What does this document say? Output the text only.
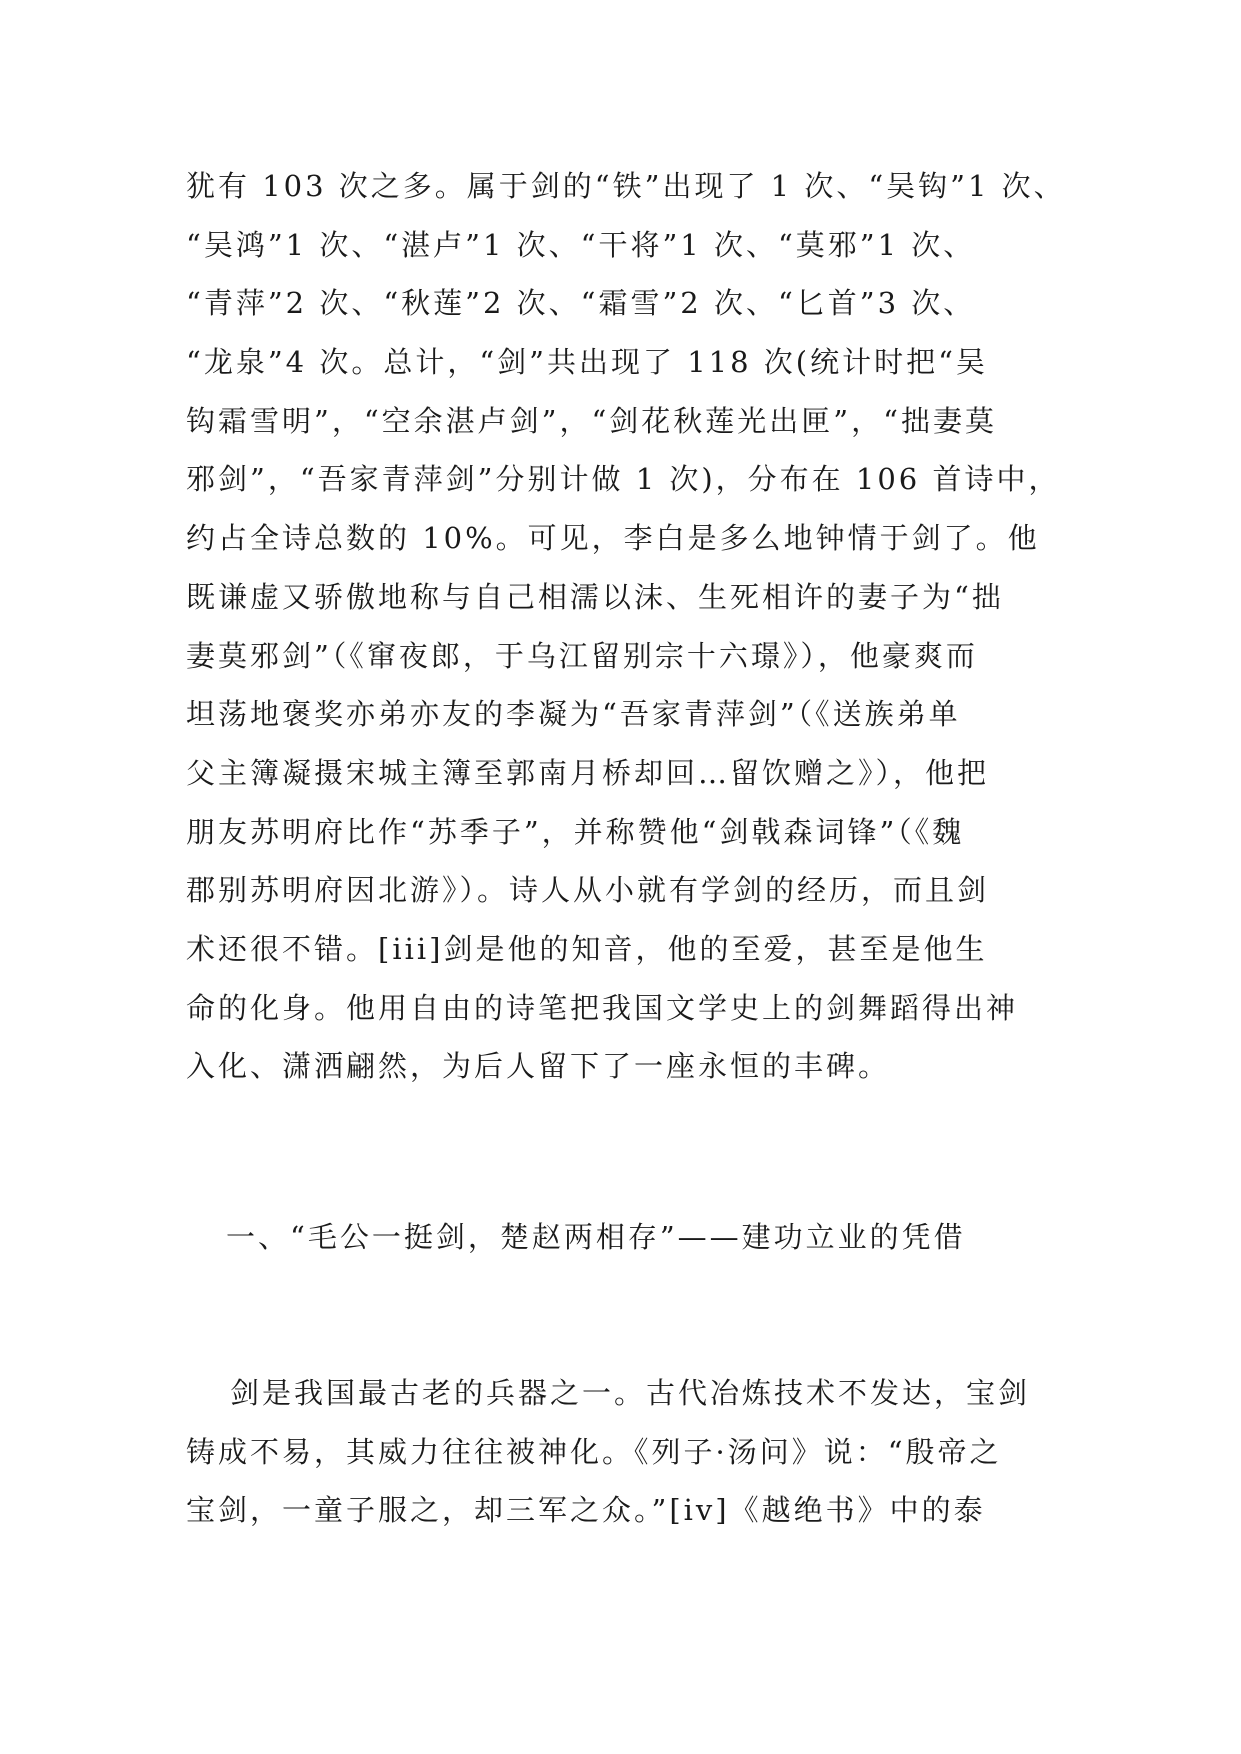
犹有 103 次之多。属于剑的“铁”出现了 1 次、“吴钩”1 次、
“吴鸿”1 次、“湛卢”1 次、“干将”1 次、“莫邪”1 次、
“青萍”2 次、“秋莲”2 次、“霜雪”2 次、“匕首”3 次、
“龙泉”4 次。总计，“剑”共出现了 118 次(统计时把“吴
钩霜雪明”，“空余湛卢剑”，“剑花秋莲光出匣”，“拙妻莫
邪剑”，“吾家青萍剑”分别计做 1 次)，分布在 106 首诗中，
约占全诗总数的 10%。可见，李白是多么地钟情于剑了。他
既谦虚又骄傲地称与自己相濡以沫、生死相许的妻子为“拙
妻莫邪剑”（《窜夜郎，于乌江留别宗十六璟》），他豪爽而
坦荡地褒奖亦弟亦友的李凝为“吾家青萍剑”（《送族弟单
父主簿凝摄宋城主簿至郭南月桥却回…留饮赠之》），他把
朋友苏明府比作“苏季子”，并称赞他“剑戟森词锋”（《魏
郡别苏明府因北游》）。诗人从小就有学剑的经历，而且剑
术还很不错。[iii]剑是他的知音，他的至爱，甚至是他生
命的化身。他用自由的诗笔把我国文学史上的剑舞蹈得出神
入化、潇洒翩然，为后人留下了一座永恒的丰碑。
一、“毛公一挺剑，楚赵两相存”——建功立业的凭借
剑是我国最古老的兵器之一。古代冶炼技术不发达，宝剑
铸成不易，其威力往往被神化。《列子·汤问》说：“殷帝之
宝剑，一童子服之，却三军之众。”[iv]《越绝书》中的泰
